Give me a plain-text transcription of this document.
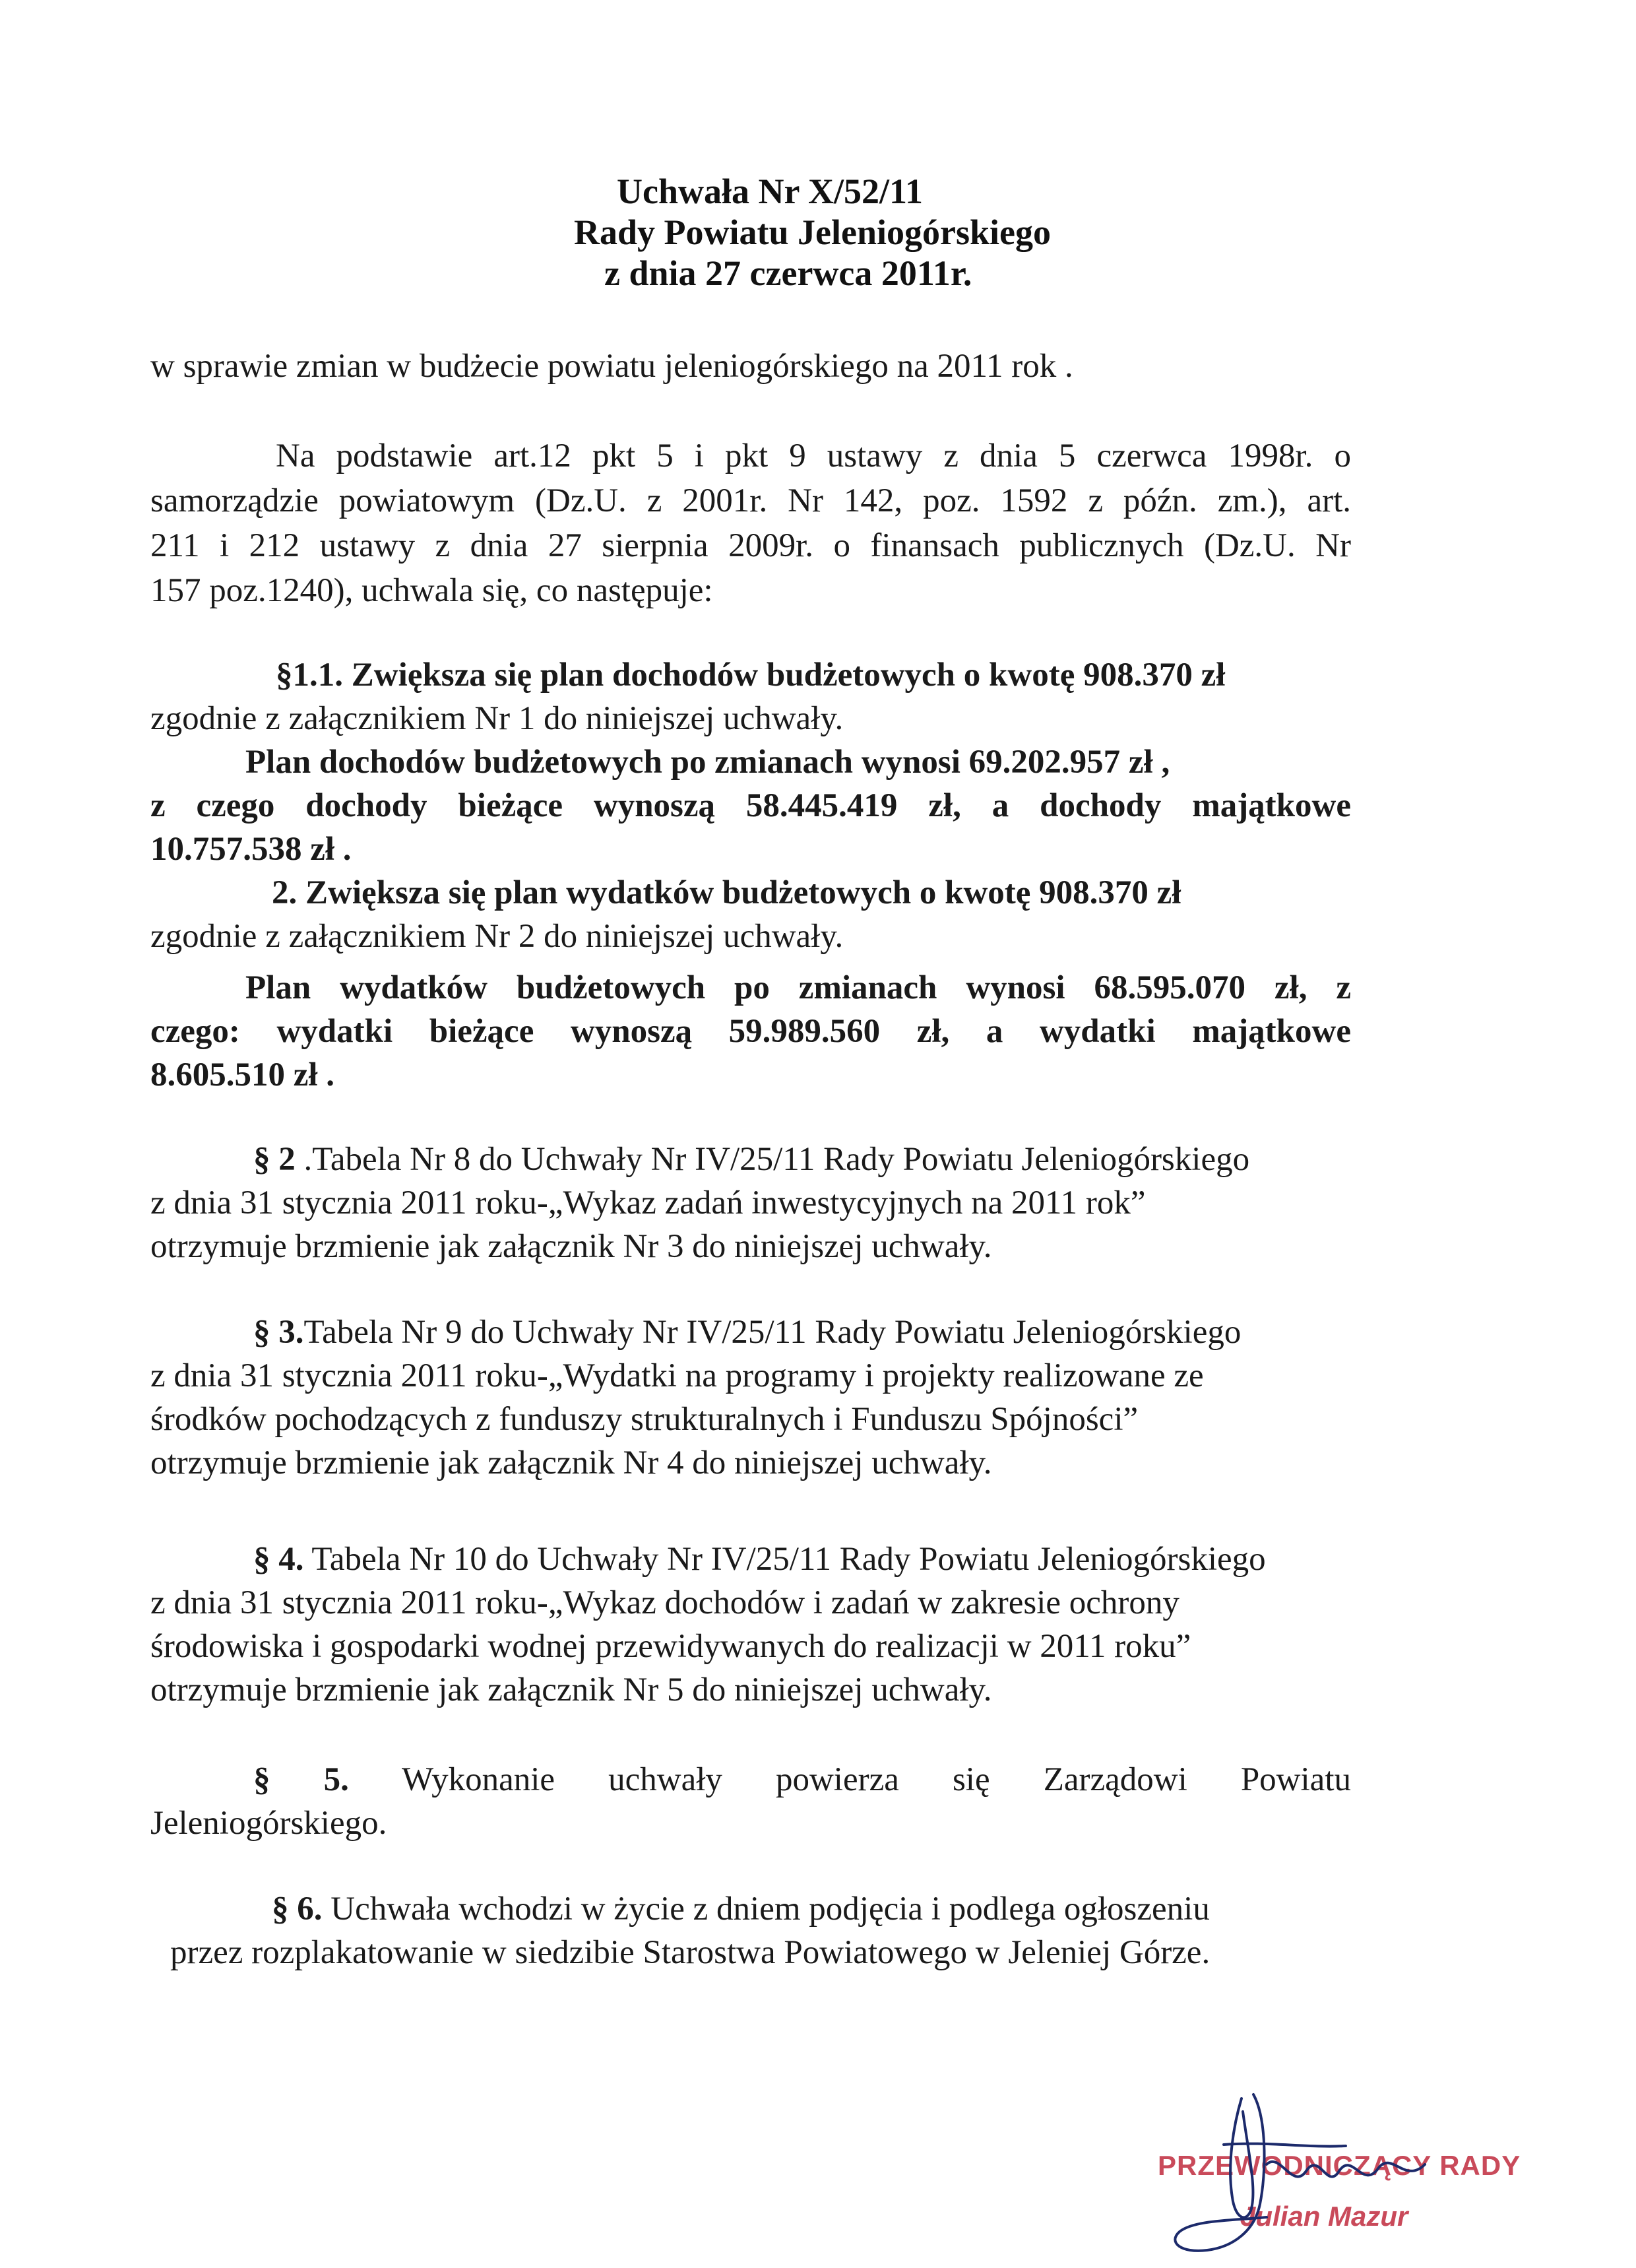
Uchwała Nr X/52/11
Rady Powiatu Jeleniogórskiego
z dnia 27 czerwca 2011r.
w sprawie zmian w budżecie powiatu jeleniogórskiego na 2011 rok .
Na podstawie art.12 pkt 5 i pkt 9 ustawy z dnia 5 czerwca 1998r. o
samorządzie powiatowym (Dz.U. z 2001r. Nr 142, poz. 1592 z późn. zm.), art.
211 i 212 ustawy z dnia 27 sierpnia 2009r. o finansach publicznych (Dz.U. Nr
157 poz.1240), uchwala się, co następuje:
§1.1. Zwiększa się plan dochodów budżetowych o kwotę 908.370 zł
zgodnie z załącznikiem Nr 1 do niniejszej uchwały.
Plan dochodów budżetowych po zmianach wynosi 69.202.957 zł ,
z czego dochody bieżące wynoszą 58.445.419 zł, a dochody majątkowe
10.757.538 zł .
2. Zwiększa się plan wydatków budżetowych o kwotę 908.370 zł
zgodnie z załącznikiem Nr 2 do niniejszej uchwały.
Plan wydatków budżetowych po zmianach wynosi 68.595.070 zł, z
czego: wydatki bieżące wynoszą 59.989.560 zł, a wydatki majątkowe
8.605.510 zł .
§ 2 .Tabela Nr 8 do Uchwały Nr IV/25/11 Rady Powiatu Jeleniogórskiego
z dnia 31 stycznia 2011 roku-„Wykaz zadań inwestycyjnych na 2011 rok”
otrzymuje brzmienie jak załącznik Nr 3 do niniejszej uchwały.
§ 3.Tabela Nr 9 do Uchwały Nr IV/25/11 Rady Powiatu Jeleniogórskiego
z dnia 31 stycznia 2011 roku-„Wydatki na programy i projekty realizowane ze
środków pochodzących z funduszy strukturalnych i Funduszu Spójności”
otrzymuje brzmienie jak załącznik Nr 4 do niniejszej uchwały.
§ 4. Tabela Nr 10 do Uchwały Nr IV/25/11 Rady Powiatu Jeleniogórskiego
z dnia 31 stycznia 2011 roku-„Wykaz dochodów i zadań w zakresie ochrony
środowiska i gospodarki wodnej przewidywanych do realizacji w 2011 roku”
otrzymuje brzmienie jak załącznik Nr 5 do niniejszej uchwały.
§ 5. Wykonanie uchwały powierza się Zarządowi Powiatu
Jeleniogórskiego.
§ 6. Uchwała wchodzi w życie z dniem podjęcia i podlega ogłoszeniu
przez rozplakatowanie w siedzibie Starostwa Powiatowego w Jeleniej Górze.
PRZEWODNICZĄCY RADY
Julian Mazur
